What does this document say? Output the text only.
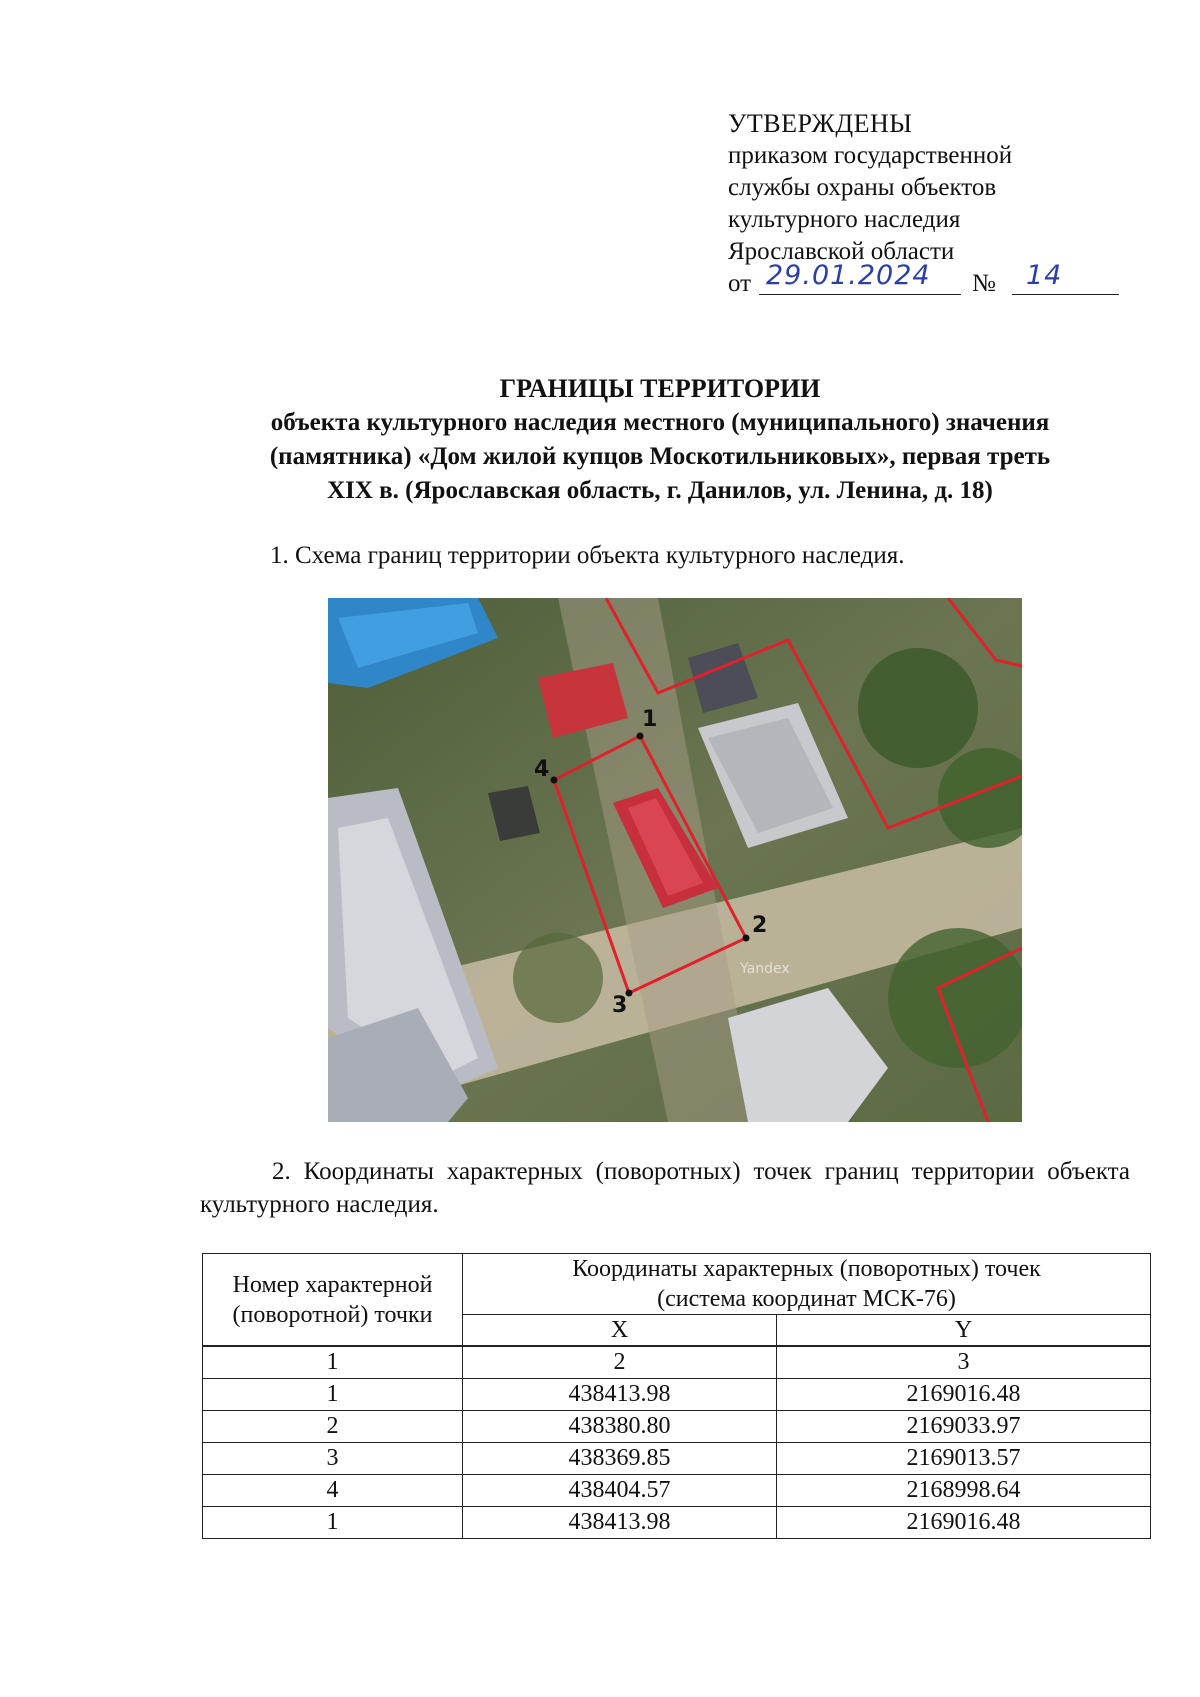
УТВЕРЖДЕНЫ
приказом государственной
службы охраны объектов
культурного наследия
Ярославской области
от 29.01.2024 № 14
ГРАНИЦЫ ТЕРРИТОРИИ
объекта культурного наследия местного (муниципального) значения
(памятника) «Дом жилой купцов Москотильниковых», первая треть
XIX в. (Ярославская область, г. Данилов, ул. Ленина, д. 18)
1. Схема границ территории объекта культурного наследия.
1
2
3
4
Yandex
2. Координаты характерных (поворотных) точек границ территории объекта культурного наследия.
Номер характерной (поворотной) точки	Координаты характерных (поворотных) точек
(система координат МСК-76)	

	X	Y
1	2	3
1	438413.98	2169016.48
2	438380.80	2169033.97
3	438369.85	2169013.57
4	438404.57	2168998.64
1	438413.98	2169016.48
